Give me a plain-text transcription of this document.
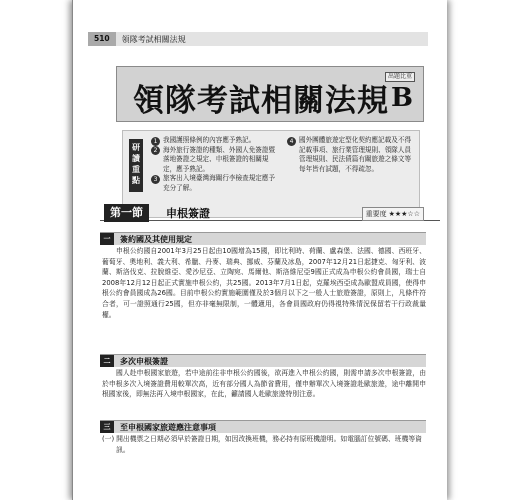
510	領隊考試相關法規
領隊考試相關法規
出題比重
B
研讀重點
1 我國護照條例的內容應予熟記。
2 海外旅行簽證的種類、外國人免簽證暨落地簽證之規定、申根簽證的相關規定，應予熟記。
3 旅客出入境臺灣海關行李檢查規定應予充分了解。
4 國外團體旅遊定型化契約應記載及不得記載事項、旅行業管理規則、領隊人員管理規則、民法債篇有關旅遊之條文等每年皆有試題，不得疏忽。
第一節	申根簽證	重要度 ★★★☆☆
一	簽約國及其使用規定
申根公約國自2001年3月25日起由10國增為15國，即比利時、荷蘭、盧森堡、法國、德國、西班牙、葡萄牙、奧地利、義大利、希臘、丹麥、瑞典、挪威、芬蘭及冰島，2007年12月21日起捷克、匈牙利、波蘭、斯洛伐克、拉脫維亞、愛沙尼亞、立陶宛、馬爾他、斯洛維尼亞9國正式成為申根公約會員國，瑞士自2008年12月12日起正式實施申根公約，共25國。2013年7月1日起，克羅埃西亞成為歐盟成員國，使得申根公約會員國成為26國。目前申根公約實施範圍僅及於3個月以下之一般人士旅遊簽證，原則上，凡條件符合者，可一證照通行25國，但亦非毫無限制，一體適用，各會員國政府仍得視特殊情況保留若干行政裁量權。
二	多次申根簽證
國人赴申根國家旅遊，若中途前往非申根公約國後，欲再進入申根公約國，則需申請多次申根簽證，由於申根多次入境簽證費用較單次高，近有部分國人為節省費用，僅申辦單次入境簽證赴歐旅遊，途中離開申根國家後，即無法再入境申根國家，在此，籲請國人赴歐旅遊特別注意。
三	至申根國家旅遊應注意事項
(一) 開出機票之日期必須早於簽證日期，如因改換班機，務必持有原班機證明。如電腦訂位號碼、班機等資訊。
